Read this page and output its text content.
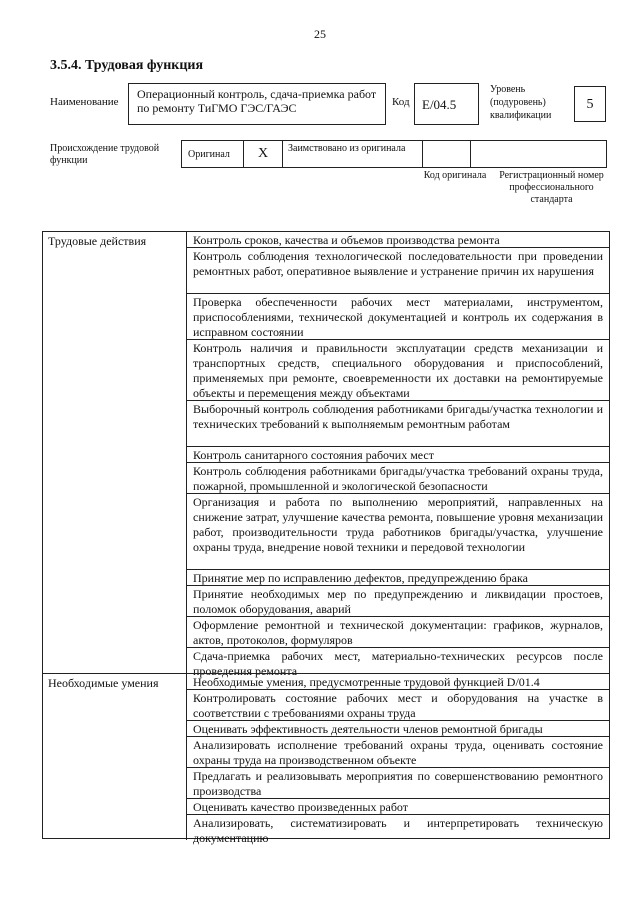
25
3.5.4. Трудовая функция
Наименование
Операционный контроль, сдача-приемка работ по ремонту ТиГМО ГЭС/ГАЭС	Код E/04.5
Уровень (подуровень) квалификации
5
Происхождение трудовой функции
Оригинал	X	Заимствовано из оригинала
Код оригинала Регистрационный номер профессионального стандарта
Трудовые действия	Контроль сроков, качества и объемов производства ремонта
Контроль соблюдения технологической последовательности при проведении ремонтных работ, оперативное выявление и устранение причин их нарушения
Проверка обеспеченности рабочих мест материалами, инструментом, приспособлениями, технической документацией и контроль их содержания в исправном состоянии
Контроль наличия и правильности эксплуатации средств механизации и транспортных средств, специального оборудования и приспособлений, применяемых при ремонте, своевременности их доставки на ремонтируемые объекты и перемещения между объектами
Выборочный контроль соблюдения работниками бригады/участка технологии и технических требований к выполняемым ремонтным работам
Контроль санитарного состояния рабочих мест
Контроль соблюдения работниками бригады/участка требований охраны труда, пожарной, промышленной и экологической безопасности
Организация и работа по выполнению мероприятий, направленных на снижение затрат, улучшение качества ремонта, повышение уровня механизации работ, производительности труда работников бригады/участка, улучшение охраны труда, внедрение новой техники и передовой технологии
Принятие мер по исправлению дефектов, предупреждению брака
Принятие необходимых мер по предупреждению и ликвидации простоев, поломок оборудования, аварий
Оформление ремонтной и технической документации: графиков, журналов, актов, протоколов, формуляров
Сдача-приемка рабочих мест, материально-технических ресурсов после проведения ремонта
Необходимые умения	Необходимые умения, предусмотренные трудовой функцией D/01.4
Контролировать состояние рабочих мест и оборудования на участке в соответствии с требованиями охраны труда
Оценивать эффективность деятельности членов ремонтной бригады
Анализировать исполнение требований охраны труда, оценивать состояние охраны труда на производственном объекте
Предлагать и реализовывать мероприятия по совершенствованию ремонтного производства
Оценивать качество произведенных работ
Анализировать, систематизировать и интерпретировать техническую документацию
